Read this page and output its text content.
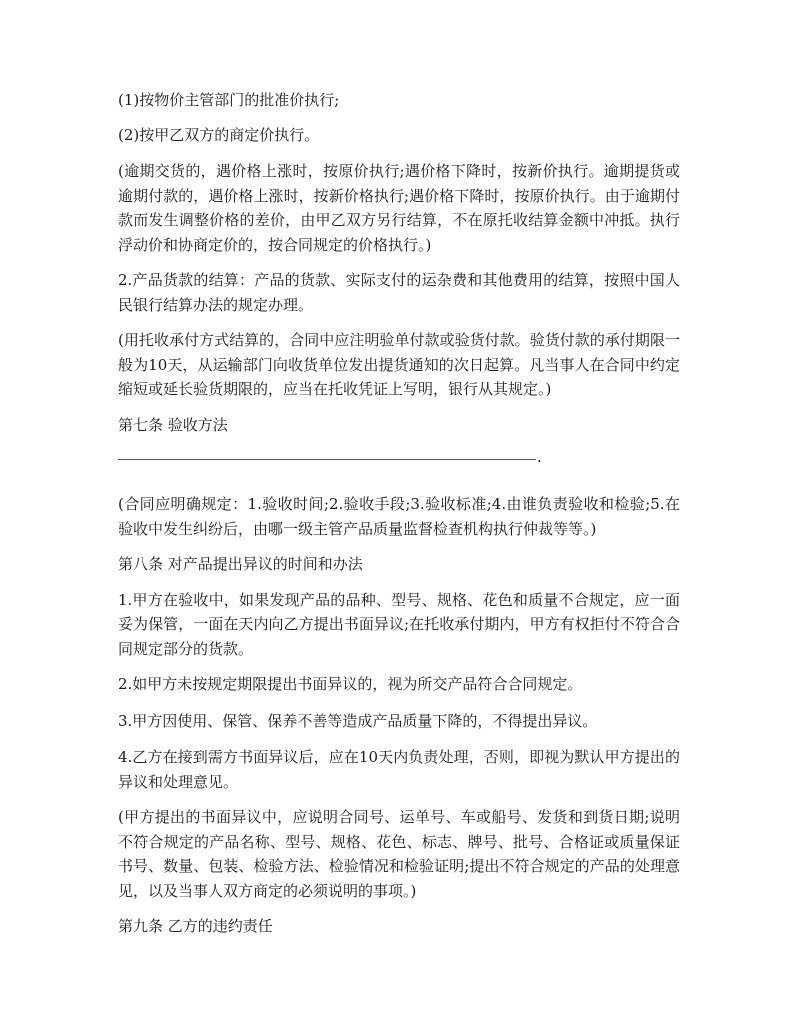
(1)按物价主管部门的批准价执行;

(2)按甲乙双方的商定价执行。

(逾期交货的，遇价格上涨时，按原价执行;遇价格下降时，按新价执行。逾期提货或逾期付款的，遇价格上涨时，按新价格执行;遇价格下降时，按原价执行。由于逾期付款而发生调整价格的差价，由甲乙双方另行结算，不在原托收结算金额中冲抵。执行浮动价和协商定价的，按合同规定的价格执行。)

2.产品货款的结算：产品的货款、实际支付的运杂费和其他费用的结算，按照中国人民银行结算办法的规定办理。

(用托收承付方式结算的，合同中应注明验单付款或验货付款。验货付款的承付期限一般为10天，从运输部门向收货单位发出提货通知的次日起算。凡当事人在合同中约定缩短或延长验货期限的，应当在托收凭证上写明，银行从其规定。)

第七条 验收方法

.

(合同应明确规定：1.验收时间;2.验收手段;3.验收标准;4.由谁负责验收和检验;5.在验收中发生纠纷后，由哪一级主管产品质量监督检查机构执行仲裁等等。)

第八条 对产品提出异议的时间和办法

1.甲方在验收中，如果发现产品的品种、型号、规格、花色和质量不合规定，应一面妥为保管，一面在天内向乙方提出书面异议;在托收承付期内，甲方有权拒付不符合合同规定部分的货款。

2.如甲方未按规定期限提出书面异议的，视为所交产品符合合同规定。

3.甲方因使用、保管、保养不善等造成产品质量下降的，不得提出异议。

4.乙方在接到需方书面异议后，应在10天内负责处理，否则，即视为默认甲方提出的异议和处理意见。

(甲方提出的书面异议中，应说明合同号、运单号、车或船号、发货和到货日期;说明不符合规定的产品名称、型号、规格、花色、标志、牌号、批号、合格证或质量保证书号、数量、包装、检验方法、检验情况和检验证明;提出不符合规定的产品的处理意见，以及当事人双方商定的必须说明的事项。)

第九条 乙方的违约责任
